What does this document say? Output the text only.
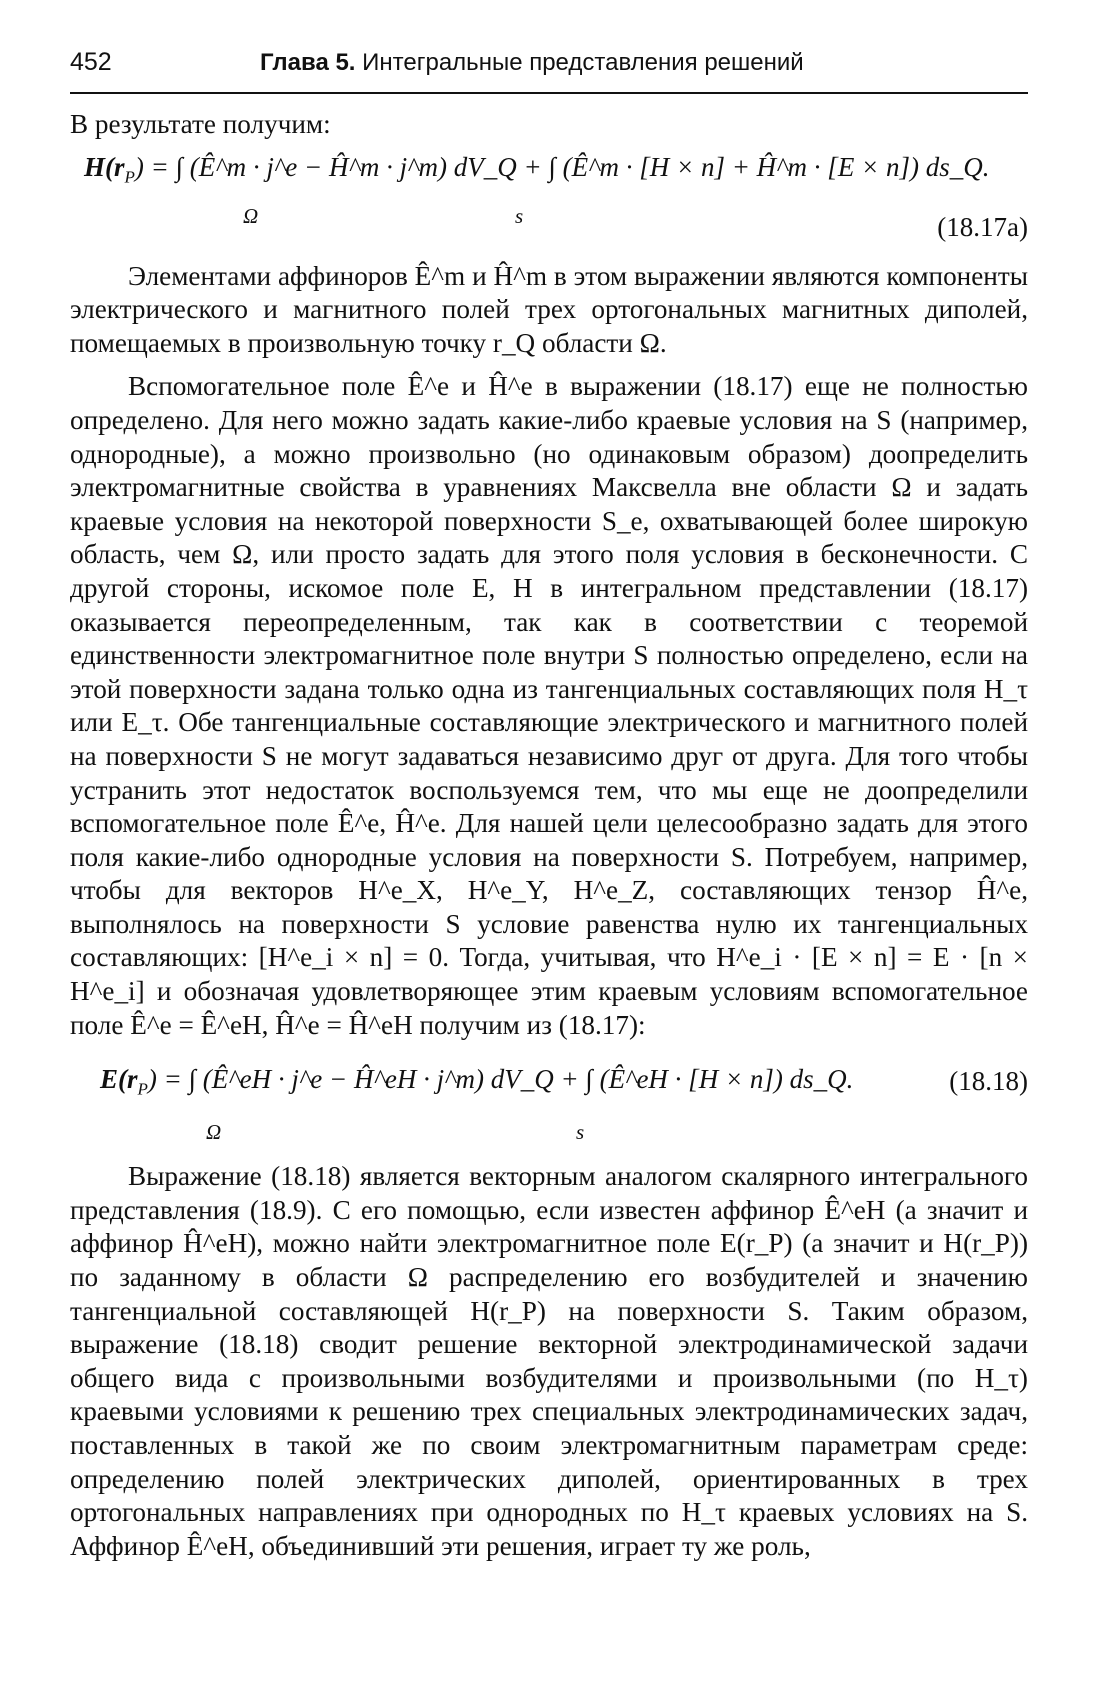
452	Глава 5. Интегральные представления решений

В результате получим:

$H(r_P)$ = ∫ (Ê^m · j^e − Ĥ^m · j^m) dV_Q + ∫ (Ê^m · [H × n] + Ĥ^m · [E × n]) ds_Q.
Ω	s	(18.17a)

Элементами аффиноров Ê^m и Ĥ^m в этом выражении являются компоненты электрического и магнитного полей трех ортогональных магнитных диполей, помещаемых в произвольную точку r_Q области Ω.

Вспомогательное поле Ê^e и Ĥ^e в выражении (18.17) еще не полностью определено. Для него можно задать какие-либо краевые условия на S (например, однородные), а можно произвольно (но одинаковым образом) доопределить электромагнитные свойства в уравнениях Максвелла вне области Ω и задать краевые условия на некоторой поверхности S_e, охватывающей более широкую область, чем Ω, или просто задать для этого поля условия в бесконечности. С другой стороны, искомое поле E, H в интегральном представлении (18.17) оказывается переопределенным, так как в соответствии с теоремой единственности электромагнитное поле внутри S полностью определено, если на этой поверхности задана только одна из тангенциальных составляющих поля H_τ или E_τ. Обе тангенциальные составляющие электрического и магнитного полей на поверхности S не могут задаваться независимо друг от друга. Для того чтобы устранить этот недостаток воспользуемся тем, что мы еще не доопределили вспомогательное поле Ê^e, Ĥ^e. Для нашей цели целесообразно задать для этого поля какие-либо однородные условия на поверхности S. Потребуем, например, чтобы для векторов H^e_X, H^e_Y, H^e_Z, составляющих тензор Ĥ^e, выполнялось на поверхности S условие равенства нулю их тангенциальных составляющих: [H^e_i × n] = 0. Тогда, учитывая, что H^e_i · [E × n] = E · [n × H^e_i] и обозначая удовлетворяющее этим краевым условиям вспомогательное поле Ê^e = Ê^eH, Ĥ^e = Ĥ^eH получим из (18.17):

$E(r_P)$ = ∫ (Ê^eH · j^e − Ĥ^eH · j^m) dV_Q + ∫ (Ê^eH · [H × n]) ds_Q.
Ω	s
(18.18)

Выражение (18.18) является векторным аналогом скалярного интегрального представления (18.9). С его помощью, если известен аффинор Ê^eH (а значит и аффинор Ĥ^eH), можно найти электромагнитное поле E(r_P) (а значит и H(r_P)) по заданному в области Ω распределению его возбудителей и значению тангенциальной составляющей H(r_P) на поверхности S. Таким образом, выражение (18.18) сводит решение векторной электродинамической задачи общего вида с произвольными возбудителями и произвольными (по H_τ) краевыми условиями к решению трех специальных электродинамических задач, поставленных в такой же по своим электромагнитным параметрам среде: определению полей электрических диполей, ориентированных в трех ортогональных направлениях при однородных по H_τ краевых условиях на S. Аффинор Ê^eH, объединивший эти решения, играет ту же роль,
